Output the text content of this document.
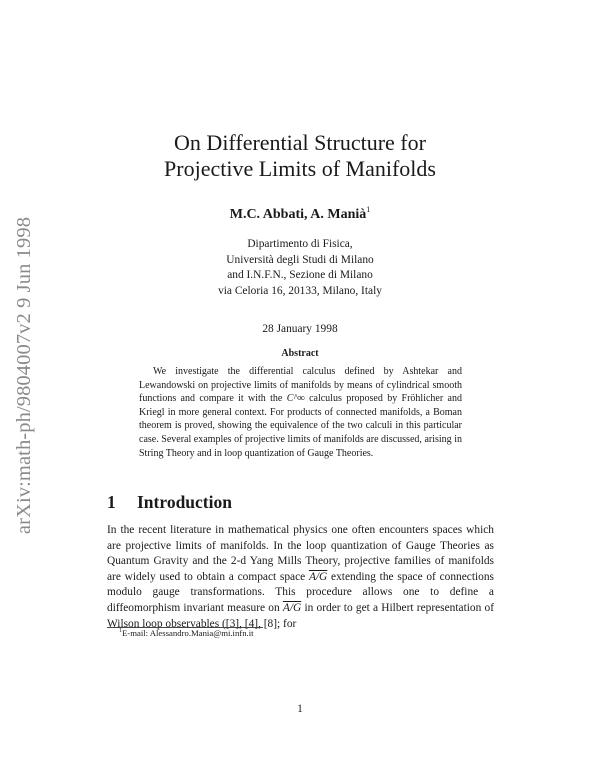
arXiv:math-ph/9804007v2 9 Jun 1998
On Differential Structure for
Projective Limits of Manifolds
M.C. Abbati, A. Manià$^1$
Dipartimento di Fisica,
Università degli Studi di Milano
and I.N.F.N., Sezione di Milano
via Celoria 16, 20133, Milano, Italy
28 January 1998
Abstract
We investigate the differential calculus defined by Ashtekar and Lewandowski on projective limits of manifolds by means of cylindrical smooth functions and compare it with the C^∞ calculus proposed by Fröhlicher and Kriegl in more general context. For products of connected manifolds, a Boman theorem is proved, showing the equivalence of the two calculi in this particular case. Several examples of projective limits of manifolds are discussed, arising in String Theory and in loop quantization of Gauge Theories.
1 Introduction
In the recent literature in mathematical physics one often encounters spaces which are projective limits of manifolds. In the loop quantization of Gauge Theories as Quantum Gravity and the 2-d Yang Mills Theory, projective families of manifolds are widely used to obtain a compact space A/G extending the space of connections modulo gauge transformations. This procedure allows one to define a diffeomorphism invariant measure on A/G in order to get a Hilbert representation of Wilson loop observables ([3], [4], [8]; for
$^1$E-mail: Alessandro.Mania@mi.infn.it
1
